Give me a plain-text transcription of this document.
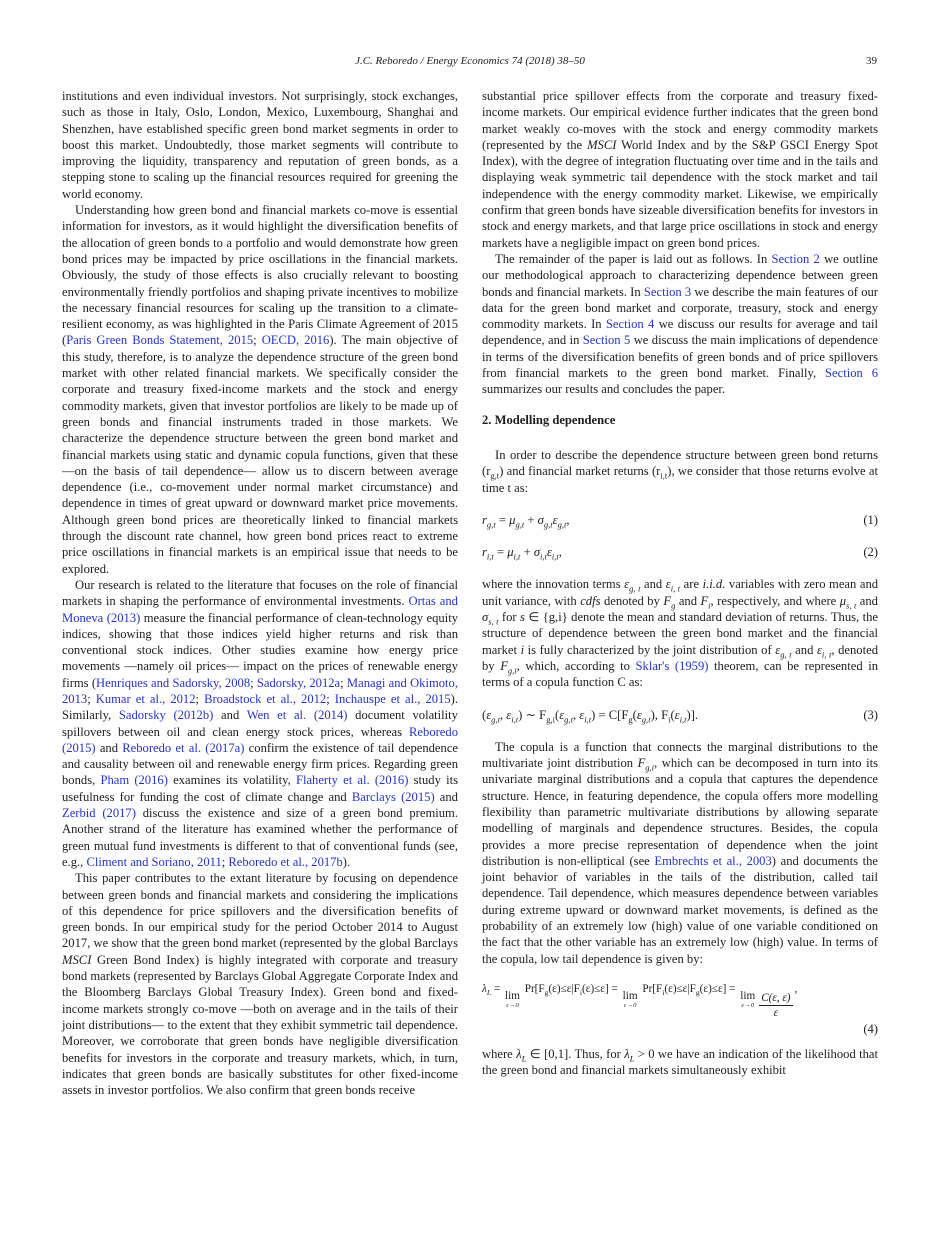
J.C. Reboredo / Energy Economics 74 (2018) 38–50	39

institutions and even individual investors. Not surprisingly, stock exchanges, such as those in Italy, Oslo, London, Mexico, Luxembourg, Shanghai and Shenzhen, have established specific green bond market segments in order to boost this market. Undoubtedly, those market segments will contribute to improving the liquidity, transparency and reputation of green bonds, as a stepping stone to scaling up the financial resources required for greening the world economy.

Understanding how green bond and financial markets co-move is essential information for investors, as it would highlight the diversification benefits of the allocation of green bonds to a portfolio and would demonstrate how green bond prices may be impacted by price oscillations in the financial markets. Obviously, the study of those effects is also crucially relevant to boosting environmentally friendly portfolios and shaping private incentives to mobilize the necessary financial resources for scaling up the transition to a climate-resilient economy, as was highlighted in the Paris Climate Agreement of 2015 (Paris Green Bonds Statement, 2015; OECD, 2016). The main objective of this study, therefore, is to analyze the dependence structure of the green bond market with other related financial markets. We specifically consider the corporate and treasury fixed-income markets and the stock and energy commodity markets, given that investor portfolios are likely to be made up of green bonds and financial instruments traded in those markets. We characterize the dependence structure between the green bond market and financial markets using static and dynamic copula functions, given that these —on the basis of tail dependence— allow us to discern between average dependence (i.e., co-movement under normal market circumstance) and dependence in times of great upward or downward market price movements. Although green bond prices are theoretically linked to financial markets through the discount rate channel, how green bond prices react to extreme price oscillations in financial markets is an empirical issue that needs to be explored.

Our research is related to the literature that focuses on the role of financial markets in shaping the performance of environmental investments. Ortas and Moneva (2013) measure the financial performance of clean-technology equity indices, showing that those indices yield higher returns and risk than conventional stock indices. Other studies examine how energy price movements —namely oil prices— impact on the prices of renewable energy firms (Henriques and Sadorsky, 2008; Sadorsky, 2012a; Managi and Okimoto, 2013; Kumar et al., 2012; Broadstock et al., 2012; Inchauspe et al., 2015). Similarly, Sadorsky (2012b) and Wen et al. (2014) document volatility spillovers between oil and clean energy stock prices, whereas Reboredo (2015) and Reboredo et al. (2017a) confirm the existence of tail dependence and causality between oil and renewable energy firm prices. Regarding green bonds, Pham (2016) examines its volatility, Flaherty et al. (2016) study its usefulness for funding the cost of climate change and Barclays (2015) and Zerbid (2017) discuss the existence and size of a green bond premium. Another strand of the literature has examined whether the performance of green mutual fund investments is different to that of conventional funds (see, e.g., Climent and Soriano, 2011; Reboredo et al., 2017b).

This paper contributes to the extant literature by focusing on dependence between green bonds and financial markets and considering the implications of this dependence for price spillovers and the diversification benefits of green bonds. In our empirical study for the period October 2014 to August 2017, we show that the green bond market (represented by the global Barclays MSCI Green Bond Index) is highly integrated with corporate and treasury bond markets (represented by Barclays Global Aggregate Corporate Index and the Bloomberg Barclays Global Treasury Index). Green bond and fixed-income markets strongly co-move —both on average and in the tails of their joint distributions— to the extent that they exhibit symmetric tail dependence. Moreover, we corroborate that green bonds have negligible diversification benefits for investors in the corporate and treasury markets, which, in turn, indicates that green bonds are basically substitutes for other fixed-income assets in investor portfolios. We also confirm that green bonds receive

substantial price spillover effects from the corporate and treasury fixed-income markets. Our empirical evidence further indicates that the green bond market weakly co-moves with the stock and energy commodity markets (represented by the MSCI World Index and by the S&P GSCI Energy Spot Index), with the degree of integration fluctuating over time and in the tails and displaying weak symmetric tail dependence with the stock market and tail independence with the energy commodity market. Likewise, we empirically confirm that green bonds have sizeable diversification benefits for investors in stock and energy markets, and that large price oscillations in stock and energy markets have a negligible impact on green bond prices.

The remainder of the paper is laid out as follows. In Section 2 we outline our methodological approach to characterizing dependence between green bonds and financial markets. In Section 3 we describe the main features of our data for the green bond market and corporate, treasury, stock and energy commodity markets. In Section 4 we discuss our results for average and tail dependence, and in Section 5 we discuss the main implications of dependence in terms of the diversification benefits of green bonds and of price spillovers from financial markets to the green bond market. Finally, Section 6 summarizes our results and concludes the paper.

2. Modelling dependence

In order to describe the dependence structure between green bond returns $(r_{g,t})$ and financial market returns $(r_{i,t})$, we consider that those returns evolve at time t as:

$r_{g,t} = \mu_{g,t} + \sigma_{g,t}\varepsilon_{g,t}$,	(1)
$r_{i,t} = \mu_{i,t} + \sigma_{i,t}\varepsilon_{i,t}$,	(2)

where the innovation terms $\varepsilon_{g, t}$ and $\varepsilon_{i, t}$ are i.i.d. variables with zero mean and unit variance, with cdfs denoted by $F_g$ and $F_i$, respectively, and where $\mu_{s, t}$ and $\sigma_{s, t}$ for s ∈ {g,i} denote the mean and standard deviation of returns. Thus, the structure of dependence between the green bond market and the financial market i is fully characterized by the joint distribution of $\varepsilon_{g, t}$ and $\varepsilon_{i, t}$, denoted by $F_{g,i}$, which, according to Sklar's (1959) theorem, can be represented in terms of a copula function C as:

($\varepsilon_{g,t}$, $\varepsilon_{i,t}$) ∼ $F_{g,i}(\varepsilon_{g,t}$, $\varepsilon_{i,t}) = C[F_g(\varepsilon_{g,t})$, $F_i(\varepsilon_{i,t})$].	(3)

The copula is a function that connects the marginal distributions to the multivariate joint distribution $F_{g,i}$, which can be decomposed in turn into its univariate marginal distributions and a copula that captures the dependence structure. Hence, in featuring dependence, the copula offers more modelling flexibility than parametric multivariate distributions by allowing separate modelling of marginals and dependence structures. Besides, the copula provides a more precise representation of dependence when the joint distribution is non-elliptical (see Embrechts et al., 2003) and documents the joint behavior of variables in the tails of the distribution, called tail dependence. Tail dependence, which measures dependence between variables during extreme upward or downward market movements, is defined as the probability of an extremely low (high) value of one variable conditioned on the fact that the other variable has an extremely low (high) value. In terms of the copula, low tail dependence is given by:

$\lambda_L$ =
lim
ε→0
$Pr[F_g(\varepsilon)\le\varepsilon|F_i(\varepsilon)\le\varepsilon]$ =
lim
ε→0
$Pr[F_i(\varepsilon)\le\varepsilon|F_g(\varepsilon)\le\varepsilon]$ =
lim
$\varepsilon\to 0 \frac{C(\varepsilon, \varepsilon)}{\varepsilon}$
,
(4)

where $\lambda_L$ ∈ [0,1]. Thus, for $\lambda_L > 0$ we have an indication of the likelihood that the green bond and financial markets simultaneously exhibit
